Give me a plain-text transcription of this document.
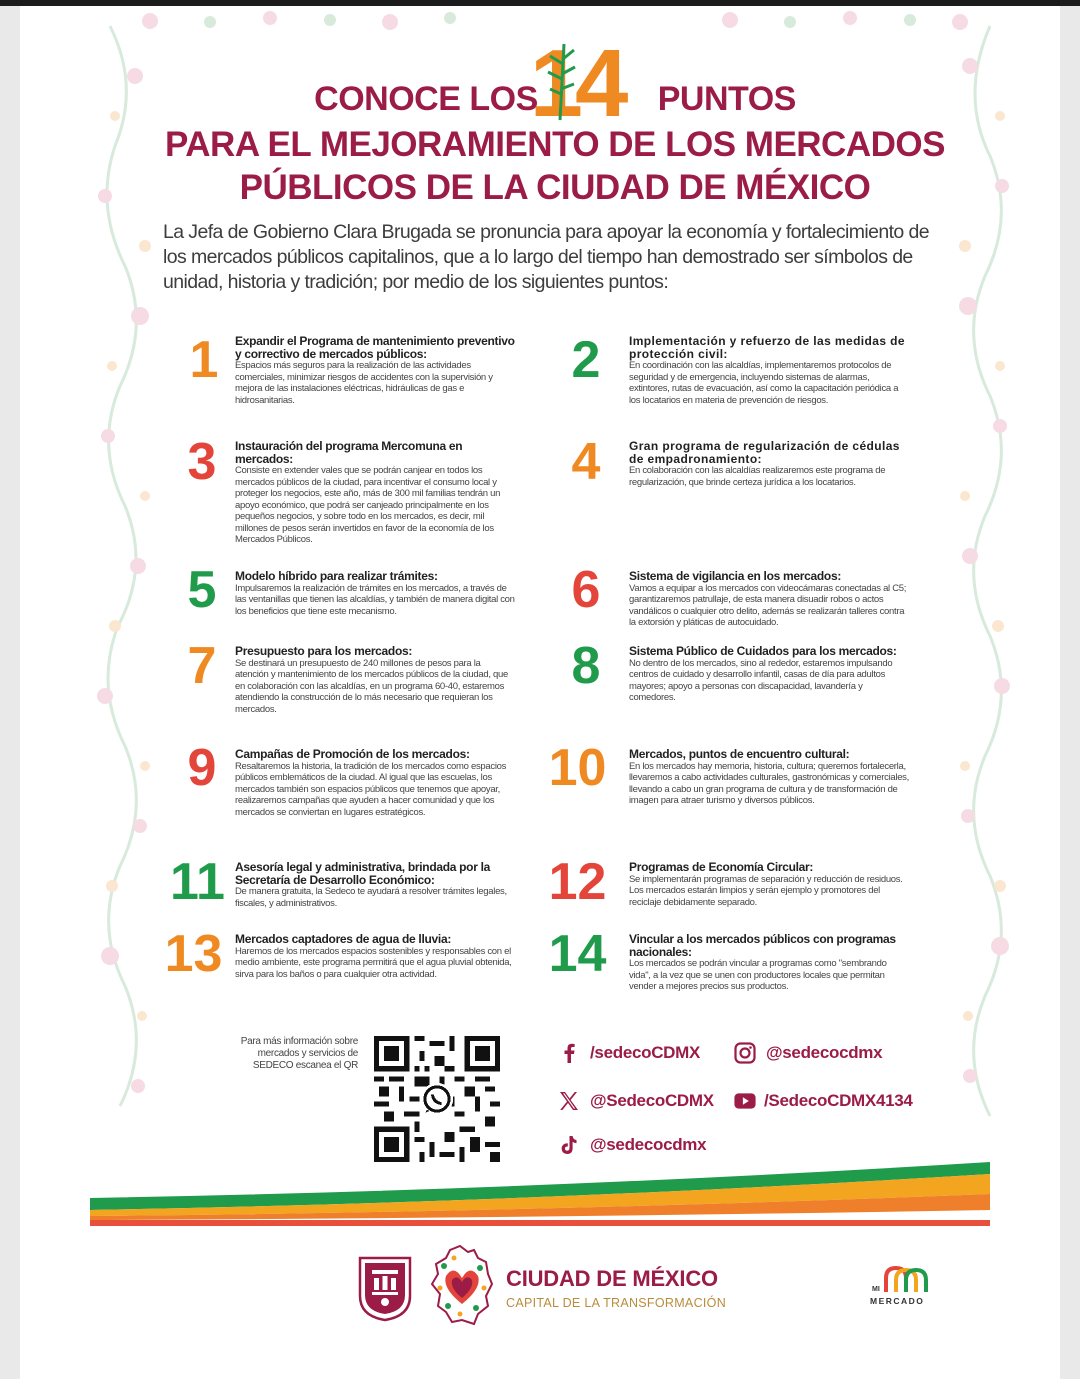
CONOCE LOS	PUNTOS
14
PARA EL MEJORAMIENTO DE LOS MERCADOS
PÚBLICOS DE LA CIUDAD DE MÉXICO
La Jefa de Gobierno Clara Brugada se pronuncia para apoyar la economía y fortalecimiento de los mercados públicos capitalinos, que a lo largo del tiempo han demostrado ser símbolos de unidad, historia y tradición; por medio de los siguientes puntos:
1	Expandir el Programa de mantenimiento preventivo y correctivo de mercados públicos:
Espacios más seguros para la realización de las actividades comerciales, minimizar riesgos de accidentes con la supervisión y mejora de las instalaciones eléctricas, hidráulicas de gas e hidrosanitarias.
2	Implementación y refuerzo de las medidas de protección civil:
En coordinación con las alcaldías, implementaremos protocolos de seguridad y de emergencia, incluyendo sistemas de alarmas, extintores, rutas de evacuación, así como la capacitación periódica a los locatarios en materia de prevención de riesgos.
3	Instauración del programa Mercomuna en mercados:
Consiste en extender vales que se podrán canjear en todos los mercados públicos de la ciudad, para incentivar el consumo local y proteger los negocios, este año, más de 300 mil familias tendrán un apoyo económico, que podrá ser canjeado principalmente en los pequeños negocios, y sobre todo en los mercados, es decir, mil millones de pesos serán invertidos en favor de la economía de los Mercados Públicos.
4	Gran programa de regularización de cédulas de empadronamiento:
En colaboración con las alcaldías realizaremos este programa de regularización, que brinde certeza jurídica a los locatarios.
5	Modelo híbrido para realizar trámites:
Impulsaremos la realización de trámites en los mercados, a través de las ventanillas que tienen las alcaldías, y también de manera digital con los beneficios que tiene este mecanismo.	6	Sistema de vigilancia en los mercados:
Vamos a equipar a los mercados con videocámaras conectadas al C5; garantizaremos patrullaje, de esta manera disuadir robos o actos vandálicos o cualquier otro delito, además se realizarán talleres contra la extorsión y pláticas de autocuidado.
7	Presupuesto para los mercados:
Se destinará un presupuesto de 240 millones de pesos para la atención y mantenimiento de los mercados públicos de la ciudad, que en colaboración con las alcaldías, en un programa 60-40, estaremos atendiendo la construcción de lo más necesario que requieran los mercados.
8	Sistema Público de Cuidados para los mercados:
No dentro de los mercados, sino al rededor, estaremos impulsando centros de cuidado y desarrollo infantil, casas de día para adultos mayores; apoyo a personas con discapacidad, lavandería y comedores.
9	Campañas de Promoción de los mercados:
Resaltaremos la historia, la tradición de los mercados como espacios públicos emblemáticos de la ciudad. Al igual que las escuelas, los mercados también son espacios públicos que tenemos que apoyar, realizaremos campañas que ayuden a hacer comunidad y que los mercados se conviertan en lugares estratégicos.
10	Mercados, puntos de encuentro cultural:
En los mercados hay memoria, historia, cultura; queremos fortalecerla, llevaremos a cabo actividades culturales, gastronómicas y comerciales, llevando a cabo un gran programa de cultura y de transformación de imagen para atraer turismo y diversos públicos.
11 Asesoría legal y administrativa, brindada por la Secretaría de Desarrollo Económico:
De manera gratuita, la Sedeco te ayudará a resolver trámites legales, fiscales, y administrativos.	12	Programas de Economía Circular:
Se implementarán programas de separación y reducción de residuos. Los mercados estarán limpios y serán ejemplo y promotores del reciclaje debidamente separado.
13	Mercados captadores de agua de lluvia:
Haremos de los mercados espacios sostenibles y responsables con el medio ambiente, este programa permitirá que el agua pluvial obtenida, sirva para los baños o para cualquier otra actividad.	14	Vincular a los mercados públicos con programas nacionales:
Los mercados se podrán vincular a programas como "sembrando vida", a la vez que se unen con productores locales que permitan vender a mejores precios sus productos.
Para más información sobre mercados y servicios de SEDECO escanea el QR
/sedecoCDMX	@sedecocdmx
@SedecoCDMX	/SedecoCDMX4134
@sedecocdmx
CIUDAD DE MÉXICO
CAPITAL DE LA TRANSFORMACIÓN
MI
MERCADO
